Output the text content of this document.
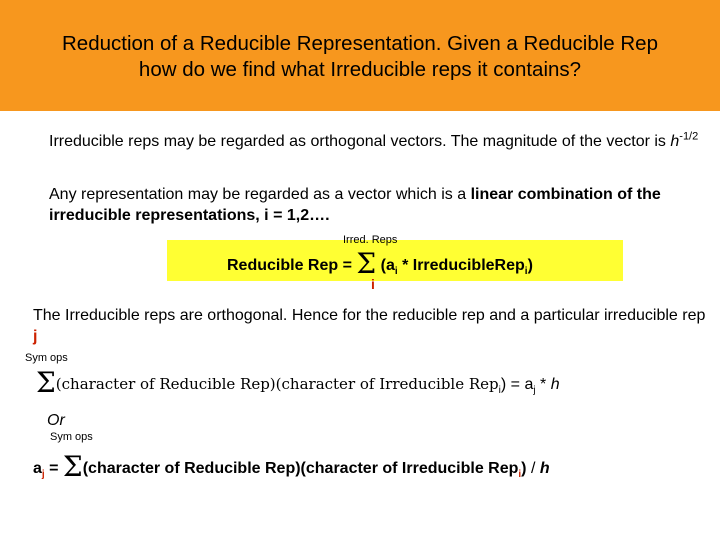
Reduction of a Reducible Representation. Given a Reducible Rep
how do we find what Irreducible reps it contains?
Irreducible reps may be regarded as orthogonal vectors. The magnitude of the vector is $h^{-1/2}$
Any representation may be regarded as a vector which is a linear combination of the irreducible representations, i = 1,2….
Irred. Reps
Reducible Rep = Σ ($a_i$ * IrreducibleRep$_i$)
i
The Irreducible reps are orthogonal. Hence for the reducible rep and a particular irreducible rep j
Sym ops
Σ(character of Reducible Rep)(character of Irreducible $Rep_i) = a_j * h$
Or
Sym ops
$a_j$ = Σ(character of Reducible Rep)(character of Irreducible Rep$_i$) / h
